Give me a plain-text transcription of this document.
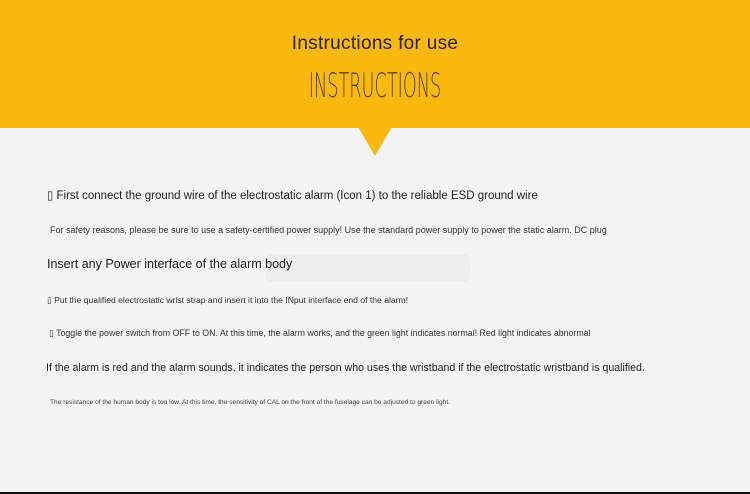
Instructions for use
INSTRUCTIONS
▯ First connect the ground wire of the electrostatic alarm (Icon 1) to the reliable ESD ground wire
For safety reasons, please be sure to use a safety-certified power supply! Use the standard power supply to power the static alarm. DC plug
Insert any Power interface of the alarm body
▯ Put the qualified electrostatic wrist strap and insert it into the INput interface end of the alarm!
▯ Toggle the power switch from OFF to ON. At this time, the alarm works, and the green light indicates normal! Red light indicates abnormal
If the alarm is red and the alarm sounds, it indicates the person who uses the wristband if the electrostatic wristband is qualified.
The resistance of the human body is too low. At this time, the sensitivity of CAL on the front of the fuselage can be adjusted to green light.
